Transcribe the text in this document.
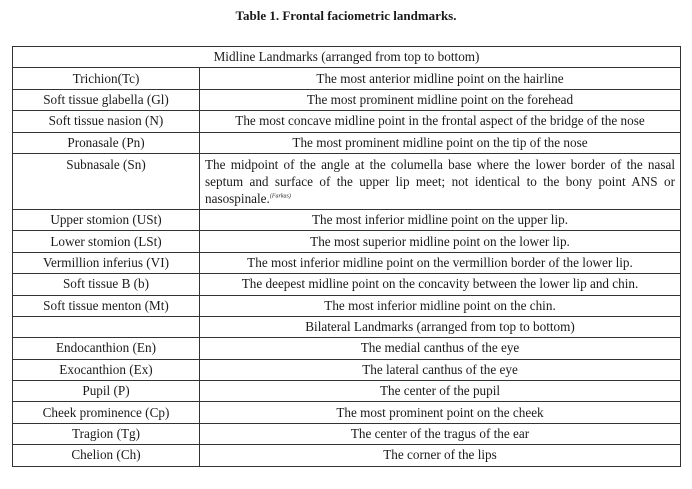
Table 1. Frontal faciometric landmarks.
Midline Landmarks (arranged from top to bottom)	
Trichion(Tc)	The most anterior midline point on the hairline
Soft tissue glabella (Gl)	The most prominent midline point on the forehead
Soft tissue nasion (N)	The most concave midline point in the frontal aspect of the bridge of the nose
Pronasale (Pn)	The most prominent midline point on the tip of the nose
Subnasale (Sn)	The midpoint of the angle at the columella base where the lower border of the nasal septum and surface of the upper lip meet; not identical to the bony point ANS or nasospinale.$^{(Farkas)}$
Upper stomion (USt)	The most inferior midline point on the upper lip.
Lower stomion (LSt)	The most superior midline point on the lower lip.
Vermillion inferius (VI)	The most inferior midline point on the vermillion border of the lower lip.
Soft tissue B (b)	The deepest midline point on the concavity between the lower lip and chin.
Soft tissue menton (Mt)	The most inferior midline point on the chin.
	Bilateral Landmarks (arranged from top to bottom)
Endocanthion (En)	The medial canthus of the eye
Exocanthion (Ex)	The lateral canthus of the eye
Pupil (P)	The center of the pupil
Cheek prominence (Cp)	The most prominent point on the cheek
Tragion (Tg)	The center of the tragus of the ear
Chelion (Ch)	The corner of the lips
